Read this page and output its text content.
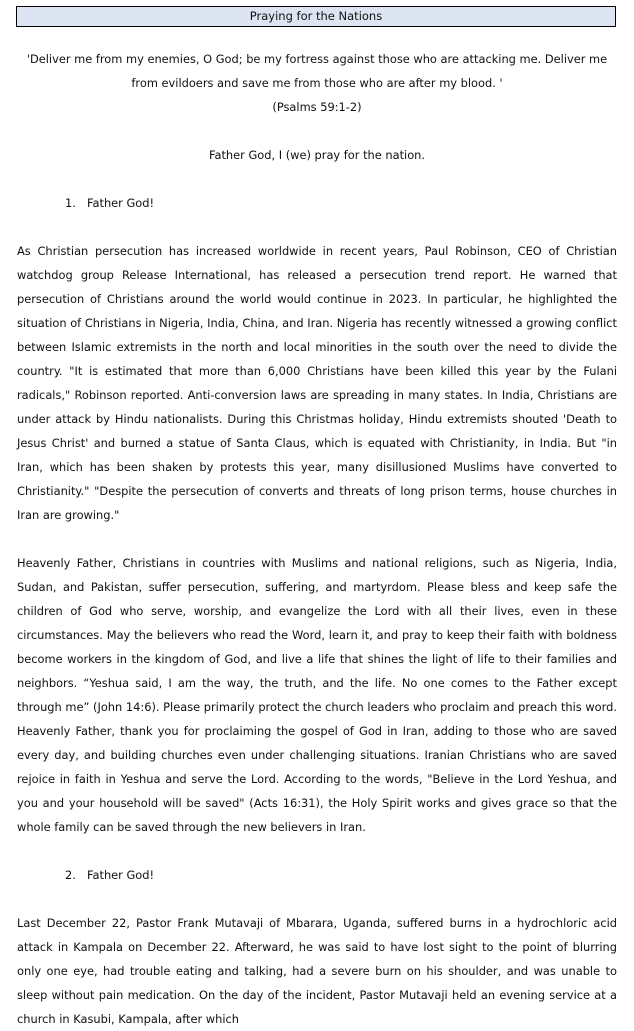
Praying for the Nations

'Deliver me from my enemies, O God; be my fortress against those who are attacking me. Deliver me from evildoers and save me from those who are after my blood. '

(Psalms 59:1-2)

Father God, I (we) pray for the nation.

1. Father God!

As Christian persecution has increased worldwide in recent years, Paul Robinson, CEO of Christian watchdog group Release International, has released a persecution trend report. He warned that persecution of Christians around the world would continue in 2023. In particular, he highlighted the situation of Christians in Nigeria, India, China, and Iran. Nigeria has recently witnessed a growing conflict between Islamic extremists in the north and local minorities in the south over the need to divide the country. "It is estimated that more than 6,000 Christians have been killed this year by the Fulani radicals," Robinson reported. Anti-conversion laws are spreading in many states. In India, Christians are under attack by Hindu nationalists. During this Christmas holiday, Hindu extremists shouted 'Death to Jesus Christ' and burned a statue of Santa Claus, which is equated with Christianity, in India. But "in Iran, which has been shaken by protests this year, many disillusioned Muslims have converted to Christianity." "Despite the persecution of converts and threats of long prison terms, house churches in Iran are growing."

Heavenly Father, Christians in countries with Muslims and national religions, such as Nigeria, India, Sudan, and Pakistan, suffer persecution, suffering, and martyrdom. Please bless and keep safe the children of God who serve, worship, and evangelize the Lord with all their lives, even in these circumstances. May the believers who read the Word, learn it, and pray to keep their faith with boldness become workers in the kingdom of God, and live a life that shines the light of life to their families and neighbors. “Yeshua said, I am the way, the truth, and the life. No one comes to the Father except through me” (John 14:6). Please primarily protect the church leaders who proclaim and preach this word. Heavenly Father, thank you for proclaiming the gospel of God in Iran, adding to those who are saved every day, and building churches even under challenging situations. Iranian Christians who are saved rejoice in faith in Yeshua and serve the Lord. According to the words, "Believe in the Lord Yeshua, and you and your household will be saved" (Acts 16:31), the Holy Spirit works and gives grace so that the whole family can be saved through the new believers in Iran.

2. Father God!

Last December 22, Pastor Frank Mutavaji of Mbarara, Uganda, suffered burns in a hydrochloric acid attack in Kampala on December 22. Afterward, he was said to have lost sight to the point of blurring only one eye, had trouble eating and talking, had a severe burn on his shoulder, and was unable to sleep without pain medication. On the day of the incident, Pastor Mutavaji held an evening service at a church in Kasubi, Kampala, after which
